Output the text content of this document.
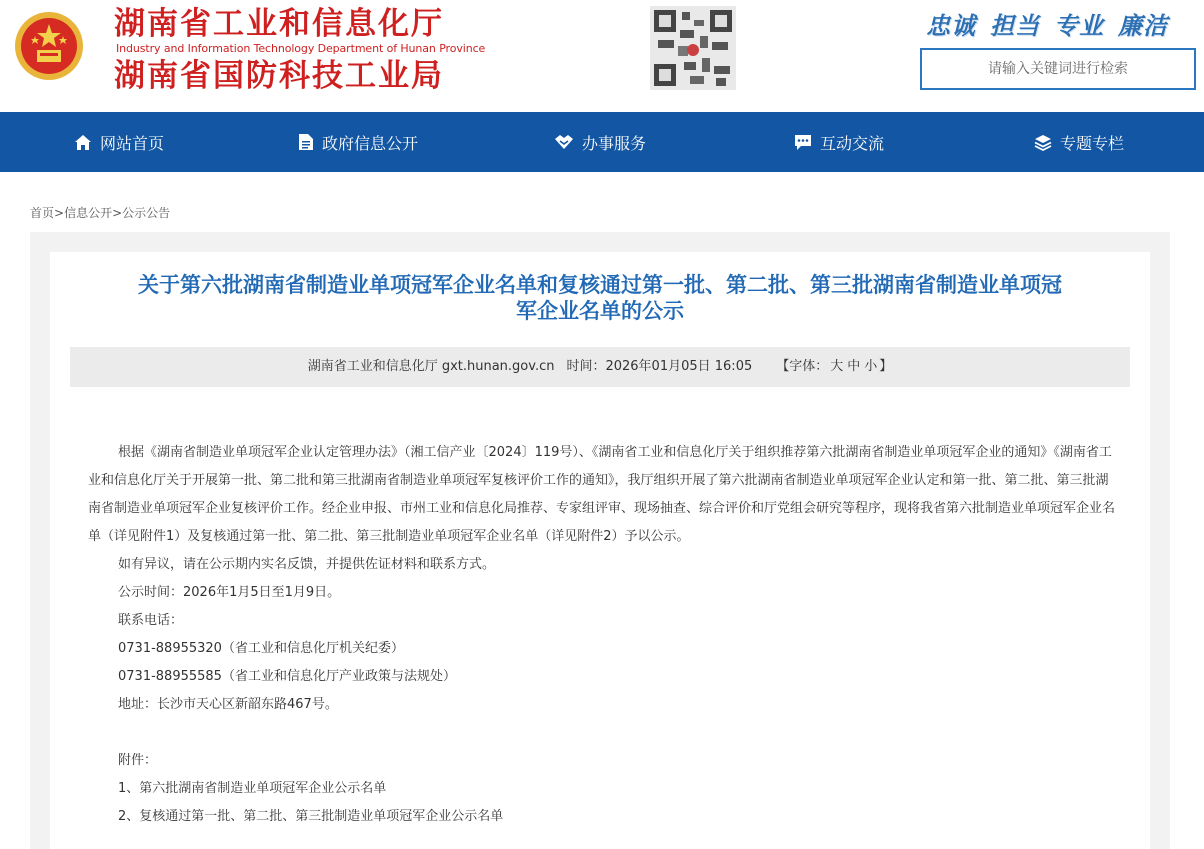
湖南省工业和信息化厅

Industry and Information Technology Department of Hunan Province

湖南省国防科技工业局

忠诚 担当 专业 廉洁
请输入关键词进行检索
网站首页	政府信息公开	办事服务	互动交流	专题专栏
首页>信息公开>公示公告
关于第六批湖南省制造业单项冠军企业名单和复核通过第一批、第二批、第三批湖南省制造业单项冠
军企业名单的公示
湖南省工业和信息化厅 gxt.hunan.gov.cn 时间：2026年01月05日 16:05 【字体： 大 中 小 】

根据《湖南省制造业单项冠军企业认定管理办法》（湘工信产业〔2024〕119号）、《湖南省工业和信息化厅关于组织推荐第六批湖南省制造业单项冠军企业的通知》《湖南省工业和信息化厅关于开展第一批、第二批和第三批湖南省制造业单项冠军复核评价工作的通知》，我厅组织开展了第六批湖南省制造业单项冠军企业认定和第一批、第二批、第三批湖南省制造业单项冠军企业复核评价工作。经企业申报、市州工业和信息化局推荐、专家组评审、现场抽查、综合评价和厅党组会研究等程序，现将我省第六批制造业单项冠军企业名单（详见附件1）及复核通过第一批、第二批、第三批制造业单项冠军企业名单（详见附件2）予以公示。

如有异议，请在公示期内实名反馈，并提供佐证材料和联系方式。

公示时间：2026年1月5日至1月9日。

联系电话：

0731-88955320（省工业和信息化厅机关纪委）

0731-88955585（省工业和信息化厅产业政策与法规处）

地址：长沙市天心区新韶东路467号。

附件：

1、第六批湖南省制造业单项冠军企业公示名单

2、复核通过第一批、第二批、第三批制造业单项冠军企业公示名单
